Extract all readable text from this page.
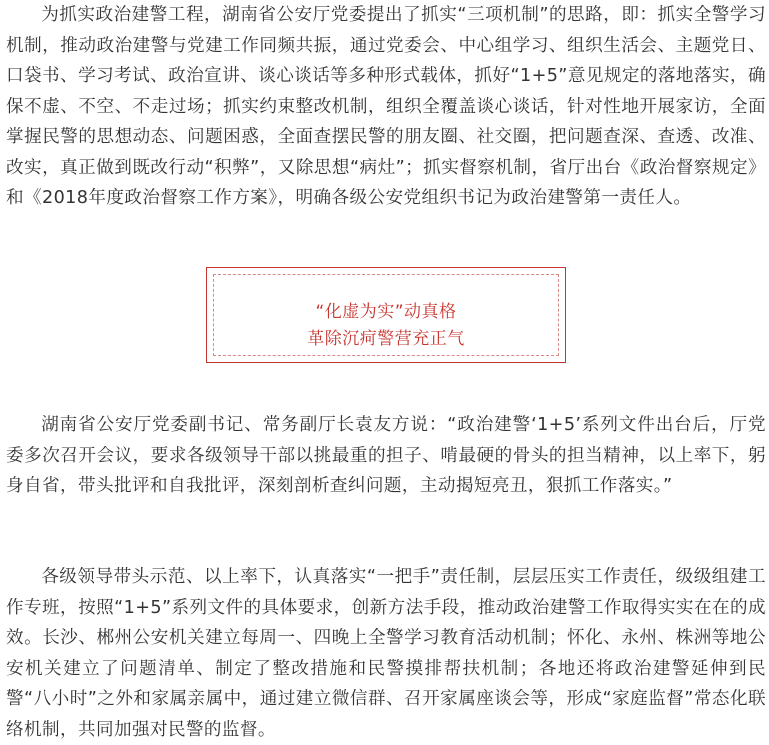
为抓实政治建警工程，湖南省公安厅党委提出了抓实“三项机制”的思路，即：抓实全警学习机制，推动政治建警与党建工作同频共振，通过党委会、中心组学习、组织生活会、主题党日、口袋书、学习考试、政治宣讲、谈心谈话等多种形式载体，抓好“1+5”意见规定的落地落实，确保不虚、不空、不走过场；抓实约束整改机制，组织全覆盖谈心谈话，针对性地开展家访，全面掌握民警的思想动态、问题困惑，全面查摆民警的朋友圈、社交圈，把问题查深、查透、改准、改实，真正做到既改行动“积弊”，又除思想“病灶”；抓实督察机制，省厅出台《政治督察规定》和《2018年度政治督察工作方案》，明确各级公安党组织书记为政治建警第一责任人。

“化虚为实”动真格
革除沉疴警营充正气

湖南省公安厅党委副书记、常务副厅长袁友方说：“政治建警‘1+5’系列文件出台后，厅党委多次召开会议，要求各级领导干部以挑最重的担子、啃最硬的骨头的担当精神，以上率下，躬身自省，带头批评和自我批评，深刻剖析查纠问题，主动揭短亮丑，狠抓工作落实。”

各级领导带头示范、以上率下，认真落实“一把手”责任制，层层压实工作责任，级级组建工作专班，按照“1+5”系列文件的具体要求，创新方法手段，推动政治建警工作取得实实在在的成效。长沙、郴州公安机关建立每周一、四晚上全警学习教育活动机制；怀化、永州、株洲等地公安机关建立了问题清单、制定了整改措施和民警摸排帮扶机制；各地还将政治建警延伸到民警“八小时”之外和家属亲属中，通过建立微信群、召开家属座谈会等，形成“家庭监督”常态化联络机制，共同加强对民警的监督。
